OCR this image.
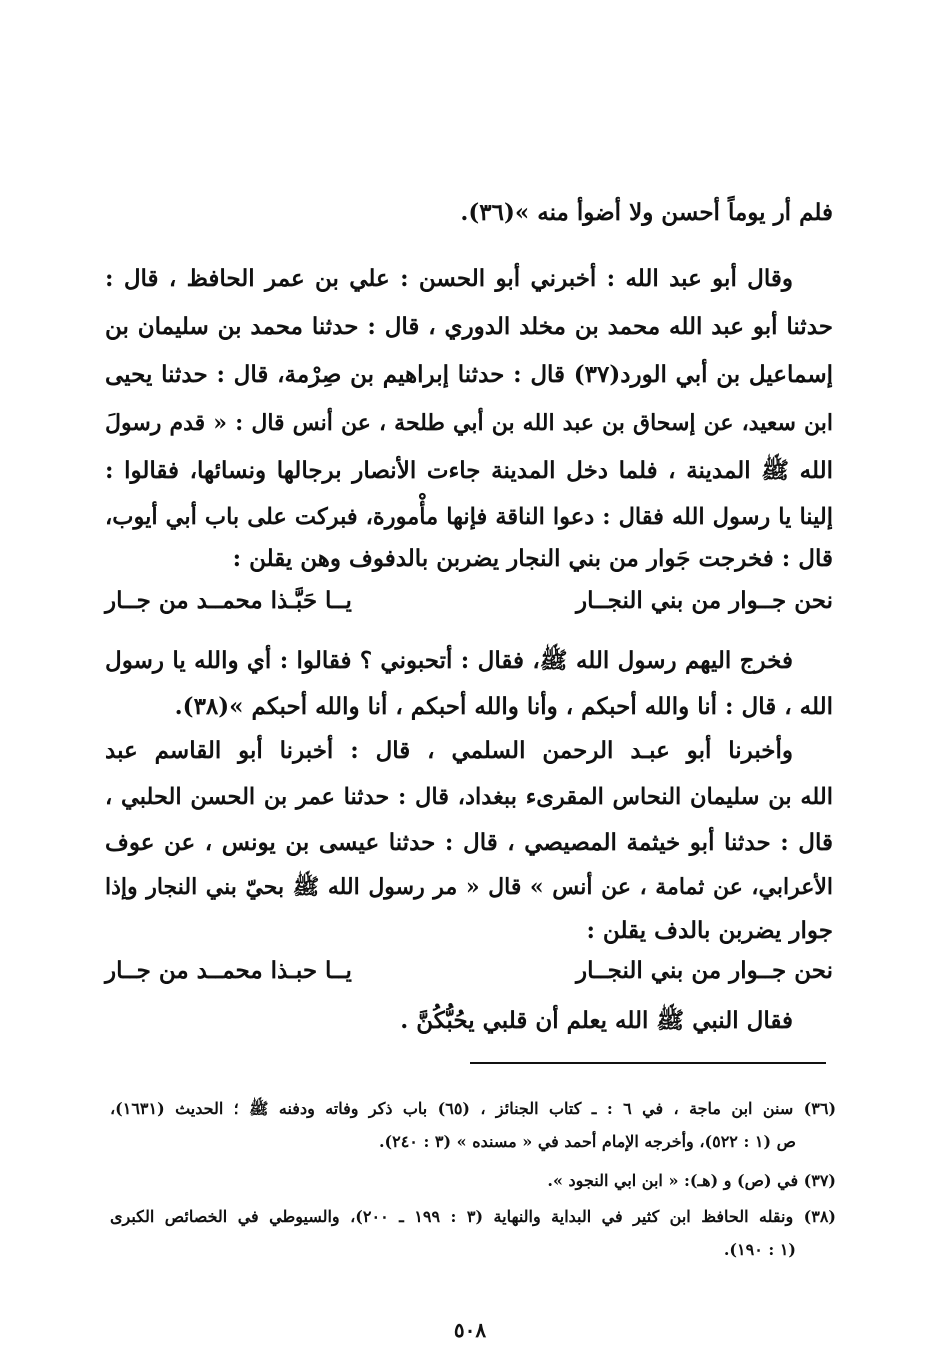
فلم أر يوماً أحسن ولا أضوأ منه »(٣٦).
وقال أبو عبد الله : أخبرني أبو الحسن : علي بن عمر الحافظ ، قال :
حدثنا أبو عبد الله محمد بن مخلد الدوري ، قال : حدثنا محمد بن سليمان بن
إسماعيل بن أبي الورد(٣٧) قال : حدثنا إبراهيم بن صِرْمة، قال : حدثنا يحيى
ابن سعيد، عن إسحاق بن عبد الله بن أبي طلحة ، عن أنس قال : « قدم رسولَ
الله ﷺ المدينة ، فلما دخل المدينة جاءت الأنصار برجالها ونسائها، فقالوا :
إلينا يا رسول الله فقال : دعوا الناقة فإنها مأْمورة، فبركت على باب أبي أيوب،
قال : فخرجت جَوار من بني النجار يضربن بالدفوف وهن يقلن :
نحن جــوار من بني النجــار
يــا حَبَّـذا محمــد من جــار
فخرج اليهم رسول الله ﷺ، فقال : أتحبوني ؟ فقالوا : أي والله يا رسول
الله ، قال : أنا والله أحبكم ، وأنا والله أحبكم ، أنا والله أحبكم »(٣٨).
وأخبرنا أبو عبـد الرحمن السلمي ، قال : أخبرنا أبو القاسم عبد
الله بن سليمان النحاس المقرىء ببغداد، قال : حدثنا عمر بن الحسن الحلبي ،
قال : حدثنا أبو خيثمة المصيصي ، قال : حدثنا عيسى بن يونس ، عن عوف
الأعرابي، عن ثمامة ، عن أنس » قال « مر رسول الله ﷺ بحيّ بني النجار وإذا
جوار يضربن بالدف يقلن :
نحن جــوار من بني النجــار
يــا حبـذا محمــد من جــار
فقال النبي ﷺ الله يعلم أن قلبي يحُبُّكُنَّ .
(٣٦) سنن ابن ماجة ، في ٦ : ـ كتاب الجنائز ، (٦٥) باب ذكر وفاته ودفنه ﷺ ؛ الحديث (١٦٣١)،
ص (١ : ٥٢٢)، وأخرجه الإمام أحمد في « مسنده » (٣ : ٢٤٠).
(٣٧) في (ص) و (هـ): « ابن ابي النجود ».
(٣٨) ونقله الحافظ ابن كثير في البداية والنهاية (٣ : ١٩٩ ـ ٢٠٠)، والسيوطي في الخصائص الكبرى
(١ : ١٩٠).
٥٠٨
